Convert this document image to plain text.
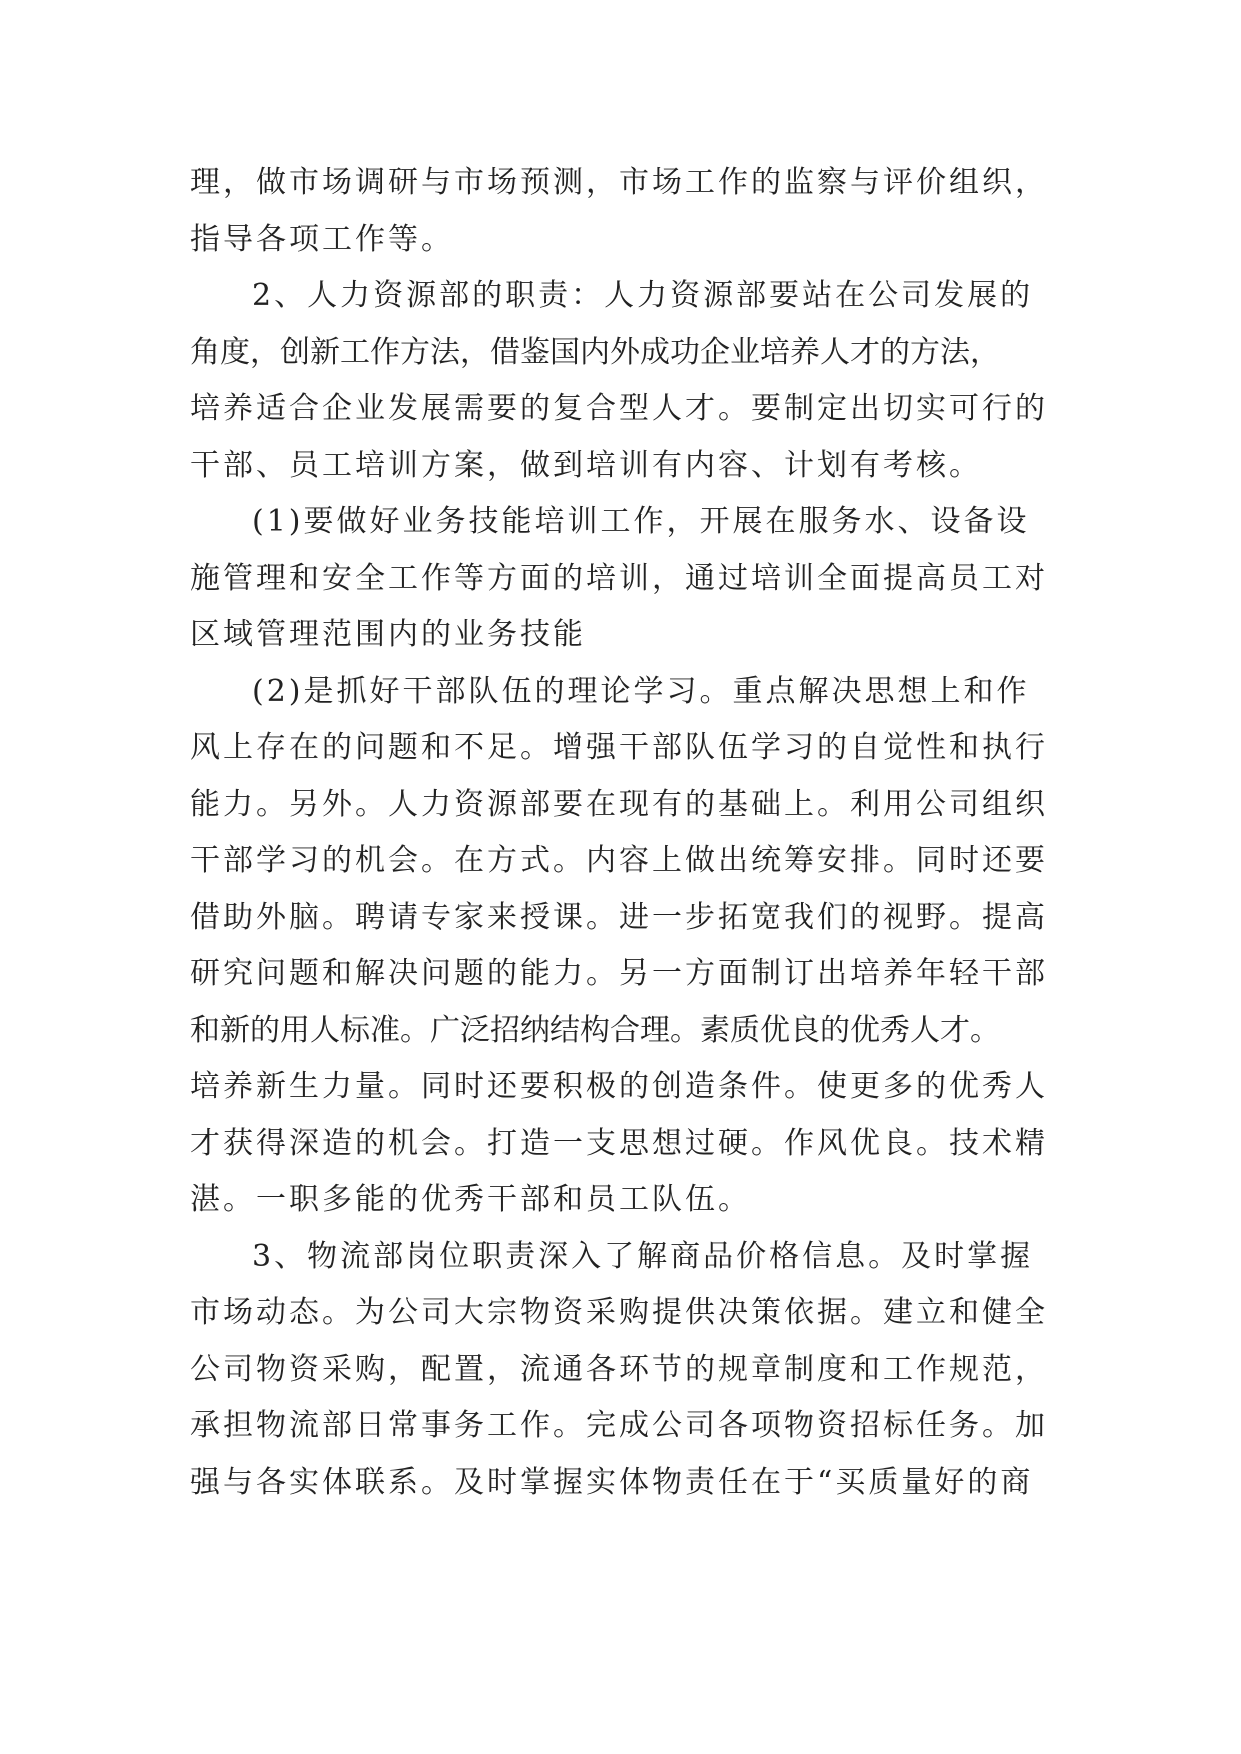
理，做市场调研与市场预测，市场工作的监察与评价组织，
指导各项工作等。
2、人力资源部的职责：人力资源部要站在公司发展的
角度，创新工作方法，借鉴国内外成功企业培养人才的方法，
培养适合企业发展需要的复合型人才。要制定出切实可行的
干部、员工培训方案，做到培训有内容、计划有考核。
(1)要做好业务技能培训工作，开展在服务水、设备设
施管理和安全工作等方面的培训，通过培训全面提高员工对
区域管理范围内的业务技能
(2)是抓好干部队伍的理论学习。重点解决思想上和作
风上存在的问题和不足。增强干部队伍学习的自觉性和执行
能力。另外。人力资源部要在现有的基础上。利用公司组织
干部学习的机会。在方式。内容上做出统筹安排。同时还要
借助外脑。聘请专家来授课。进一步拓宽我们的视野。提高
研究问题和解决问题的能力。另一方面制订出培养年轻干部
和新的用人标准。广泛招纳结构合理。素质优良的优秀人才。
培养新生力量。同时还要积极的创造条件。使更多的优秀人
才获得深造的机会。打造一支思想过硬。作风优良。技术精
湛。一职多能的优秀干部和员工队伍。
3、物流部岗位职责深入了解商品价格信息。及时掌握
市场动态。为公司大宗物资采购提供决策依据。建立和健全
公司物资采购，配置，流通各环节的规章制度和工作规范，
承担物流部日常事务工作。完成公司各项物资招标任务。加
强与各实体联系。及时掌握实体物责任在于“买质量好的商
